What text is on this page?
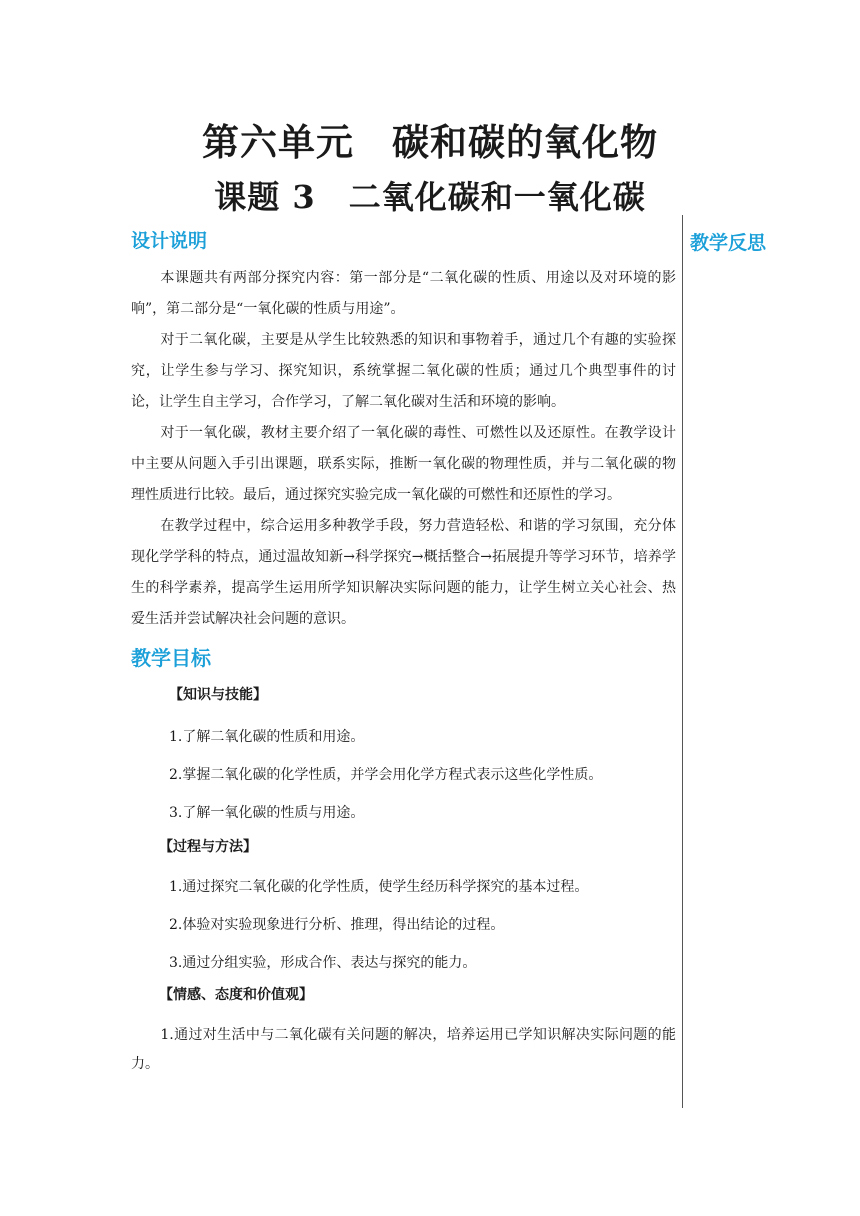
第六单元　碳和碳的氧化物
课题 3　二氧化碳和一氧化碳
教学反思

设计说明

本课题共有两部分探究内容：第一部分是“二氧化碳的性质、用途以及对环境的影响”，第二部分是“一氧化碳的性质与用途”。

对于二氧化碳，主要是从学生比较熟悉的知识和事物着手，通过几个有趣的实验探究，让学生参与学习、探究知识，系统掌握二氧化碳的性质；通过几个典型事件的讨论，让学生自主学习，合作学习，了解二氧化碳对生活和环境的影响。

对于一氧化碳，教材主要介绍了一氧化碳的毒性、可燃性以及还原性。在教学设计中主要从问题入手引出课题，联系实际，推断一氧化碳的物理性质，并与二氧化碳的物理性质进行比较。最后，通过探究实验完成一氧化碳的可燃性和还原性的学习。

在教学过程中，综合运用多种教学手段，努力营造轻松、和谐的学习氛围，充分体现化学学科的特点，通过温故知新→科学探究→概括整合→拓展提升等学习环节，培养学生的科学素养，提高学生运用所学知识解决实际问题的能力，让学生树立关心社会、热爱生活并尝试解决社会问题的意识。

教学目标

【知识与技能】

1.了解二氧化碳的性质和用途。

2.掌握二氧化碳的化学性质，并学会用化学方程式表示这些化学性质。

3.了解一氧化碳的性质与用途。

【过程与方法】

1.通过探究二氧化碳的化学性质，使学生经历科学探究的基本过程。

2.体验对实验现象进行分析、推理，得出结论的过程。

3.通过分组实验，形成合作、表达与探究的能力。

【情感、态度和价值观】

1.通过对生活中与二氧化碳有关问题的解决，培养运用已学知识解决实际问题的能力。
